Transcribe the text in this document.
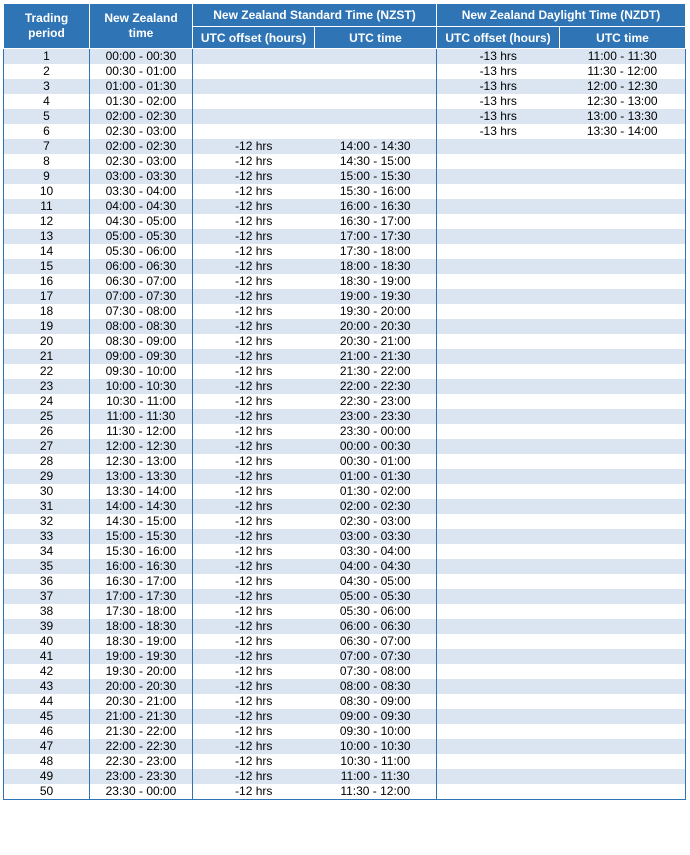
Trading
period	New Zealand
time	New Zealand Standard Time (NZST)		New Zealand Daylight Time (NZDT)	
		UTC offset (hours)	UTC time	UTC offset (hours)	UTC time
1	00:00 - 00:30			-13 hrs	11:00 - 11:30
2	00:30 - 01:00			-13 hrs	11:30 - 12:00
3	01:00 - 01:30			-13 hrs	12:00 - 12:30
4	01:30 - 02:00			-13 hrs	12:30 - 13:00
5	02:00 - 02:30			-13 hrs	13:00 - 13:30
6	02:30 - 03:00			-13 hrs	13:30 - 14:00
7	02:00 - 02:30	-12 hrs	14:00 - 14:30		
8	02:30 - 03:00	-12 hrs	14:30 - 15:00		
9	03:00 - 03:30	-12 hrs	15:00 - 15:30		
10	03:30 - 04:00	-12 hrs	15:30 - 16:00		
11	04:00 - 04:30	-12 hrs	16:00 - 16:30		
12	04:30 - 05:00	-12 hrs	16:30 - 17:00		
13	05:00 - 05:30	-12 hrs	17:00 - 17:30		
14	05:30 - 06:00	-12 hrs	17:30 - 18:00		
15	06:00 - 06:30	-12 hrs	18:00 - 18:30		
16	06:30 - 07:00	-12 hrs	18:30 - 19:00		
17	07:00 - 07:30	-12 hrs	19:00 - 19:30		
18	07:30 - 08:00	-12 hrs	19:30 - 20:00		
19	08:00 - 08:30	-12 hrs	20:00 - 20:30		
20	08:30 - 09:00	-12 hrs	20:30 - 21:00		
21	09:00 - 09:30	-12 hrs	21:00 - 21:30		
22	09:30 - 10:00	-12 hrs	21:30 - 22:00		
23	10:00 - 10:30	-12 hrs	22:00 - 22:30		
24	10:30 - 11:00	-12 hrs	22:30 - 23:00		
25	11:00 - 11:30	-12 hrs	23:00 - 23:30		
26	11:30 - 12:00	-12 hrs	23:30 - 00:00		
27	12:00 - 12:30	-12 hrs	00:00 - 00:30		
28	12:30 - 13:00	-12 hrs	00:30 - 01:00		
29	13:00 - 13:30	-12 hrs	01:00 - 01:30		
30	13:30 - 14:00	-12 hrs	01:30 - 02:00		
31	14:00 - 14:30	-12 hrs	02:00 - 02:30		
32	14:30 - 15:00	-12 hrs	02:30 - 03:00		
33	15:00 - 15:30	-12 hrs	03:00 - 03:30		
34	15:30 - 16:00	-12 hrs	03:30 - 04:00		
35	16:00 - 16:30	-12 hrs	04:00 - 04:30		
36	16:30 - 17:00	-12 hrs	04:30 - 05:00		
37	17:00 - 17:30	-12 hrs	05:00 - 05:30		
38	17:30 - 18:00	-12 hrs	05:30 - 06:00		
39	18:00 - 18:30	-12 hrs	06:00 - 06:30		
40	18:30 - 19:00	-12 hrs	06:30 - 07:00		
41	19:00 - 19:30	-12 hrs	07:00 - 07:30		
42	19:30 - 20:00	-12 hrs	07:30 - 08:00		
43	20:00 - 20:30	-12 hrs	08:00 - 08:30		
44	20:30 - 21:00	-12 hrs	08:30 - 09:00		
45	21:00 - 21:30	-12 hrs	09:00 - 09:30		
46	21:30 - 22:00	-12 hrs	09:30 - 10:00		
47	22:00 - 22:30	-12 hrs	10:00 - 10:30		
48	22:30 - 23:00	-12 hrs	10:30 - 11:00		
49	23:00 - 23:30	-12 hrs	11:00 - 11:30		
50	23:30 - 00:00	-12 hrs	11:30 - 12:00		
